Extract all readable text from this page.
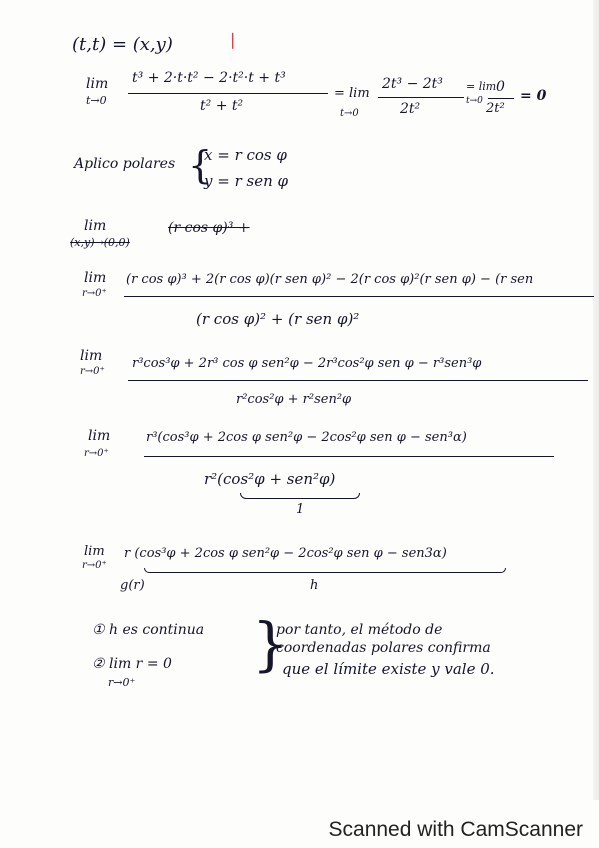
(t,t) = (x,y)	❘
lim
t→0
t³ + 2·t·t² − 2·t²·t + t³
t² + t²
= lim
t→0
2t³ − 2t³
2t²
= lim
t→0
0
2t²
= 0
Aplico polares {
x = r cos φ
y = r sen φ
lim
(x,y)→(0,0)
(r cos φ)³ +
lim
r→0⁺
(r cos φ)³ + 2(r cos φ)(r sen φ)² − 2(r cos φ)²(r sen φ) − (r sen
(r cos φ)² + (r sen φ)²
lim
r→0⁺
r³cos³φ + 2r³ cos φ sen²φ − 2r³cos²φ sen φ − r³sen³φ
r²cos²φ + r²sen²φ
lim
r→0⁺
r³(cos³φ + 2cos φ sen²φ − 2cos²φ sen φ − sen³α)
r²(cos²φ + sen²φ)
1
lim
r→0⁺
r (cos³φ + 2cos φ sen²φ − 2cos²φ sen φ − sen3α)
g(r)	h
① h es continua
② lim r = 0
r→0⁺
{
por tanto, el método de
coordenadas polares confirma
que el límite existe y vale 0.
Scanned with CamScanner
